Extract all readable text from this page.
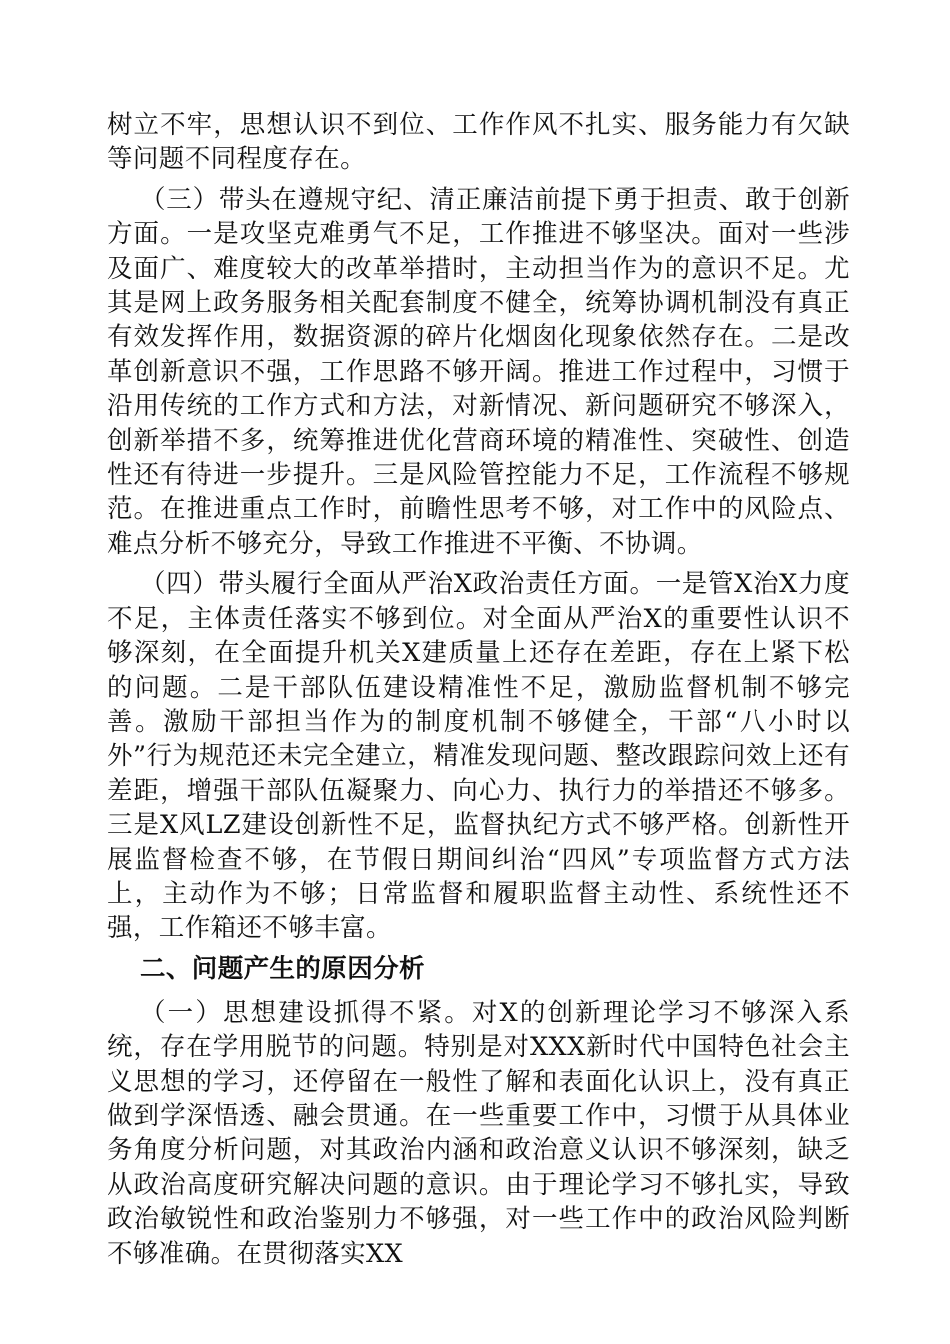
树立不牢，思想认识不到位、工作作风不扎实、服务能力有欠缺等问题不同程度存在。

（三）带头在遵规守纪、清正廉洁前提下勇于担责、敢于创新方面。一是攻坚克难勇气不足，工作推进不够坚决。面对一些涉及面广、难度较大的改革举措时，主动担当作为的意识不足。尤其是网上政务服务相关配套制度不健全，统筹协调机制没有真正有效发挥作用，数据资源的碎片化烟囱化现象依然存在。二是改革创新意识不强，工作思路不够开阔。推进工作过程中，习惯于沿用传统的工作方式和方法，对新情况、新问题研究不够深入，创新举措不多，统筹推进优化营商环境的精准性、突破性、创造性还有待进一步提升。三是风险管控能力不足，工作流程不够规范。在推进重点工作时，前瞻性思考不够，对工作中的风险点、难点分析不够充分，导致工作推进不平衡、不协调。

（四）带头履行全面从严治X政治责任方面。一是管X治X力度不足，主体责任落实不够到位。对全面从严治X的重要性认识不够深刻，在全面提升机关X建质量上还存在差距，存在上紧下松的问题。二是干部队伍建设精准性不足，激励监督机制不够完善。激励干部担当作为的制度机制不够健全，干部“八小时以外”行为规范还未完全建立，精准发现问题、整改跟踪问效上还有差距，增强干部队伍凝聚力、向心力、执行力的举措还不够多。三是X风LZ建设创新性不足，监督执纪方式不够严格。创新性开展监督检查不够，在节假日期间纠治“四风”专项监督方式方法上，主动作为不够；日常监督和履职监督主动性、系统性还不强，工作箱还不够丰富。

二、问题产生的原因分析

（一）思想建设抓得不紧。对X的创新理论学习不够深入系统，存在学用脱节的问题。特别是对XXX新时代中国特色社会主义思想的学习，还停留在一般性了解和表面化认识上，没有真正做到学深悟透、融会贯通。在一些重要工作中，习惯于从具体业务角度分析问题，对其政治内涵和政治意义认识不够深刻，缺乏从政治高度研究解决问题的意识。由于理论学习不够扎实，导致政治敏锐性和政治鉴别力不够强，对一些工作中的政治风险判断不够准确。在贯彻落实XX
